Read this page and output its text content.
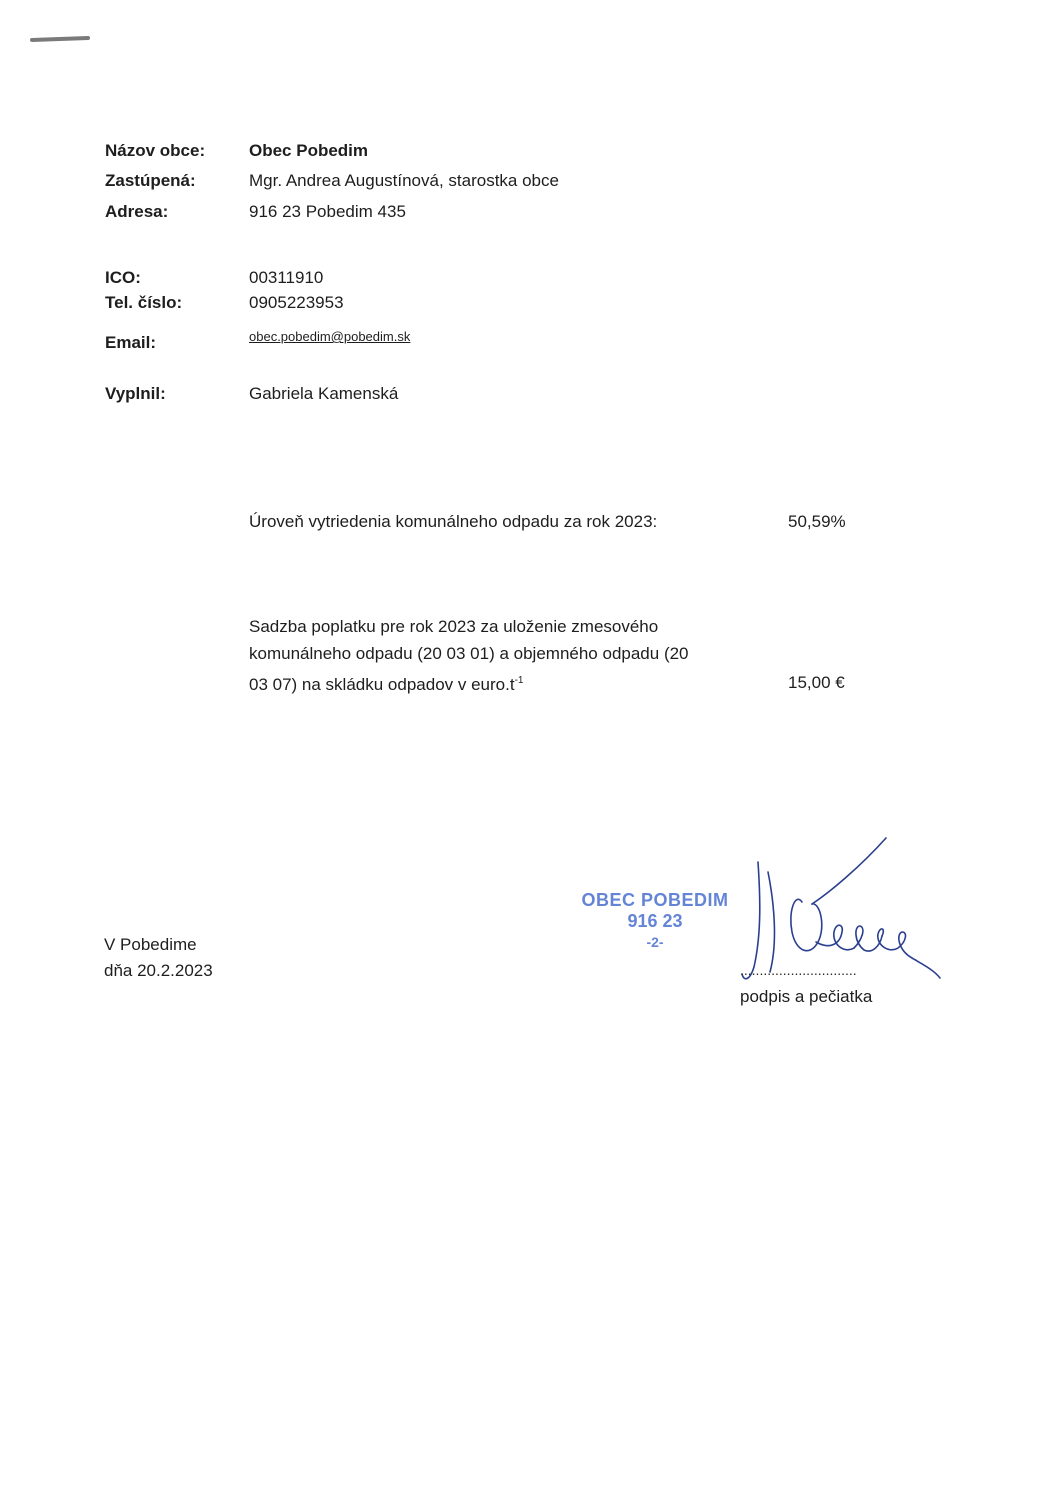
Názov obce:	Obec Pobedim
Zastúpená:	Mgr. Andrea Augustínová, starostka obce
Adresa:	916 23 Pobedim 435
ICO:	00311910
Tel. číslo:	0905223953
Email:	obec.pobedim@pobedim.sk
Vyplnil:	Gabriela Kamenská
Úroveň vytriedenia komunálneho odpadu za rok 2023:	50,59%
Sadzba poplatku pre rok 2023 za uloženie zmesového
komunálneho odpadu (20 03 01) a objemného odpadu (20
03 07) na skládku odpadov v $euro.t^{-1}$	15,00 €
V Pobedime
dňa 20.2.2023
OBEC POBEDIM
916 23
-2-
..............................
podpis a pečiatka
